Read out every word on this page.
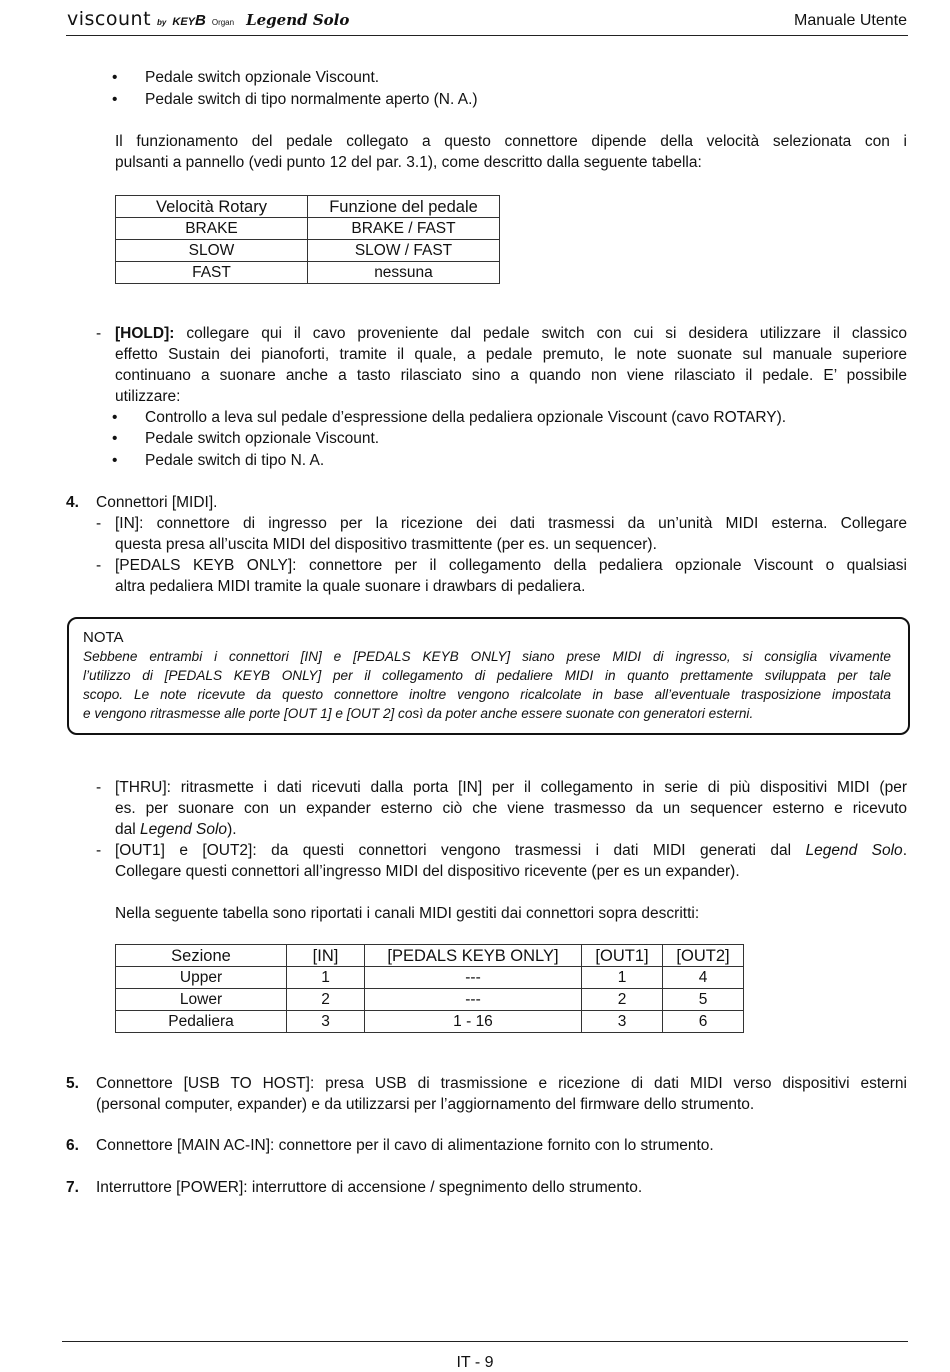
viscount by KEYB Organ Legend Solo	Manuale Utente
• Pedale switch opzionale Viscount.
• Pedale switch di tipo normalmente aperto (N. A.)
Il funzionamento del pedale collegato a questo connettore dipende della velocità selezionata con i
pulsanti a pannello (vedi punto 12 del par. 3.1), come descritto dalla seguente tabella:
Velocità Rotary	Funzione del pedale
BRAKE	BRAKE / FAST
SLOW	SLOW / FAST
FAST	nessuna
- [HOLD]: collegare qui il cavo proveniente dal pedale switch con cui si desidera utilizzare il classico
effetto Sustain dei pianoforti, tramite il quale, a pedale premuto, le note suonate sul manuale superiore
continuano a suonare anche a tasto rilasciato sino a quando non viene rilasciato il pedale. E’ possibile
utilizzare:
• Controllo a leva sul pedale d’espressione della pedaliera opzionale Viscount (cavo ROTARY).
• Pedale switch opzionale Viscount.
• Pedale switch di tipo N. A.
4. Connettori [MIDI].
- [IN]: connettore di ingresso per la ricezione dei dati trasmessi da un’unità MIDI esterna. Collegare
questa presa all’uscita MIDI del dispositivo trasmittente (per es. un sequencer).
- [PEDALS KEYB ONLY]: connettore per il collegamento della pedaliera opzionale Viscount o qualsiasi
altra pedaliera MIDI tramite la quale suonare i drawbars di pedaliera.
NOTA
Sebbene entrambi i connettori [IN] e [PEDALS KEYB ONLY] siano prese MIDI di ingresso, si consiglia vivamente
l’utilizzo di [PEDALS KEYB ONLY] per il collegamento di pedaliere MIDI in quanto prettamente sviluppata per tale
scopo. Le note ricevute da questo connettore inoltre vengono ricalcolate in base all’eventuale trasposizione impostata
e vengono ritrasmesse alle porte [OUT 1] e [OUT 2] così da poter anche essere suonate con generatori esterni.
- [THRU]: ritrasmette i dati ricevuti dalla porta [IN] per il collegamento in serie di più dispositivi MIDI (per
es. per suonare con un expander esterno ciò che viene trasmesso da un sequencer esterno e ricevuto
dal Legend Solo).
- [OUT1] e [OUT2]: da questi connettori vengono trasmessi i dati MIDI generati dal Legend Solo.
Collegare questi connettori all’ingresso MIDI del dispositivo ricevente (per es un expander).
Nella seguente tabella sono riportati i canali MIDI gestiti dai connettori sopra descritti:
Sezione	[IN]	[PEDALS KEYB ONLY]	[OUT1]	[OUT2]
Upper	1	---	1	4
Lower	2	---	2	5
Pedaliera	3	1 - 16	3	6
5. Connettore [USB TO HOST]: presa USB di trasmissione e ricezione di dati MIDI verso dispositivi esterni
(personal computer, expander) e da utilizzarsi per l’aggiornamento del firmware dello strumento.
6. Connettore [MAIN AC-IN]: connettore per il cavo di alimentazione fornito con lo strumento.
7. Interruttore [POWER]: interruttore di accensione / spegnimento dello strumento.
IT - 9
